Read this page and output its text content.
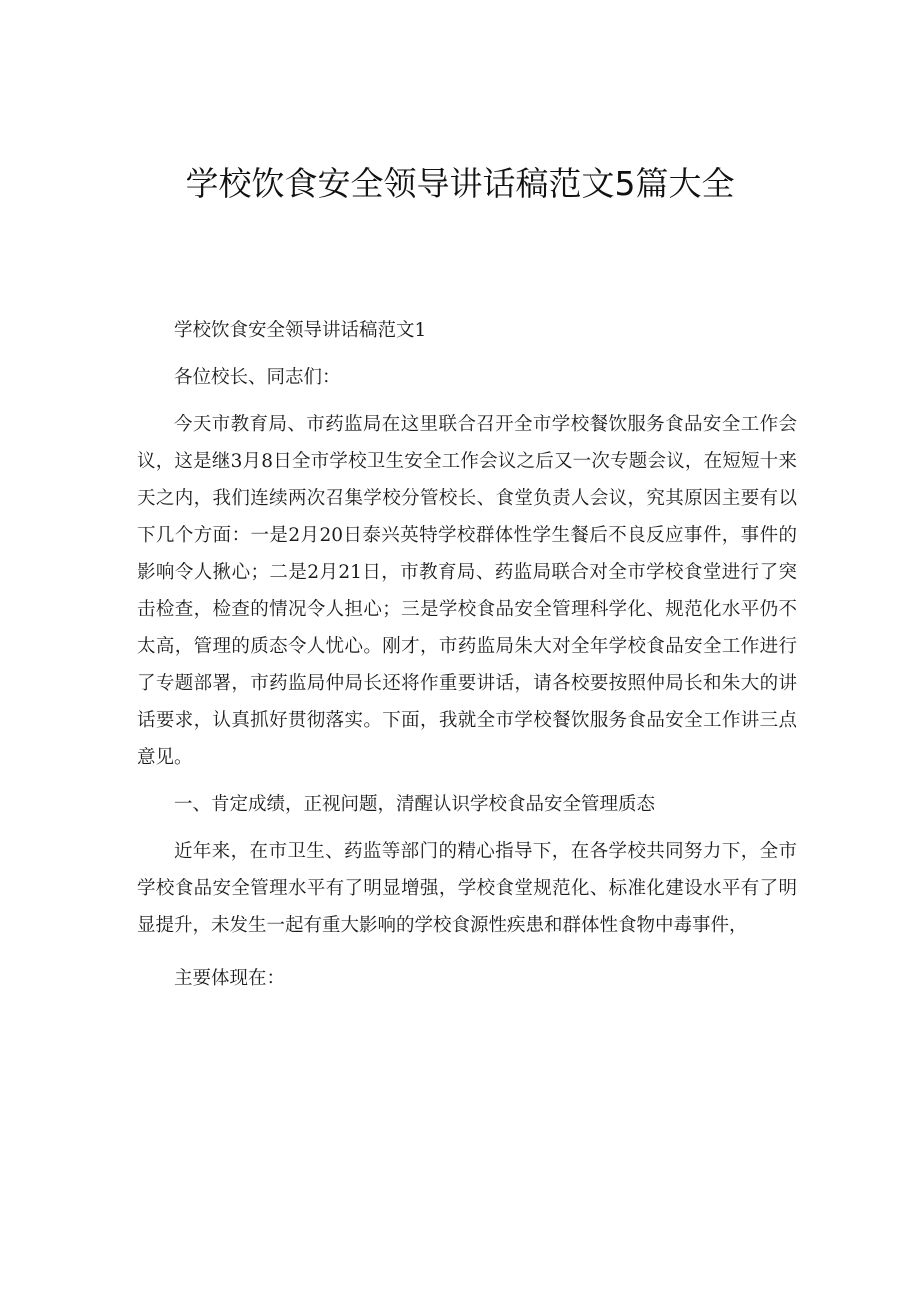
学校饮食安全领导讲话稿范文5篇大全

学校饮食安全领导讲话稿范文1

各位校长、同志们：

今天市教育局、市药监局在这里联合召开全市学校餐饮服务食品安全工作会议，这是继3月8日全市学校卫生安全工作会议之后又一次专题会议，在短短十来天之内，我们连续两次召集学校分管校长、食堂负责人会议，究其原因主要有以下几个方面：一是2月20日泰兴英特学校群体性学生餐后不良反应事件，事件的影响令人揪心；二是2月21日，市教育局、药监局联合对全市学校食堂进行了突击检查，检查的情况令人担心；三是学校食品安全管理科学化、规范化水平仍不太高，管理的质态令人忧心。刚才，市药监局朱大对全年学校食品安全工作进行了专题部署，市药监局仲局长还将作重要讲话，请各校要按照仲局长和朱大的讲话要求，认真抓好贯彻落实。下面，我就全市学校餐饮服务食品安全工作讲三点意见。

一、肯定成绩，正视问题，清醒认识学校食品安全管理质态

近年来，在市卫生、药监等部门的精心指导下，在各学校共同努力下，全市学校食品安全管理水平有了明显增强，学校食堂规范化、标准化建设水平有了明显提升，未发生一起有重大影响的学校食源性疾患和群体性食物中毒事件，

主要体现在：
